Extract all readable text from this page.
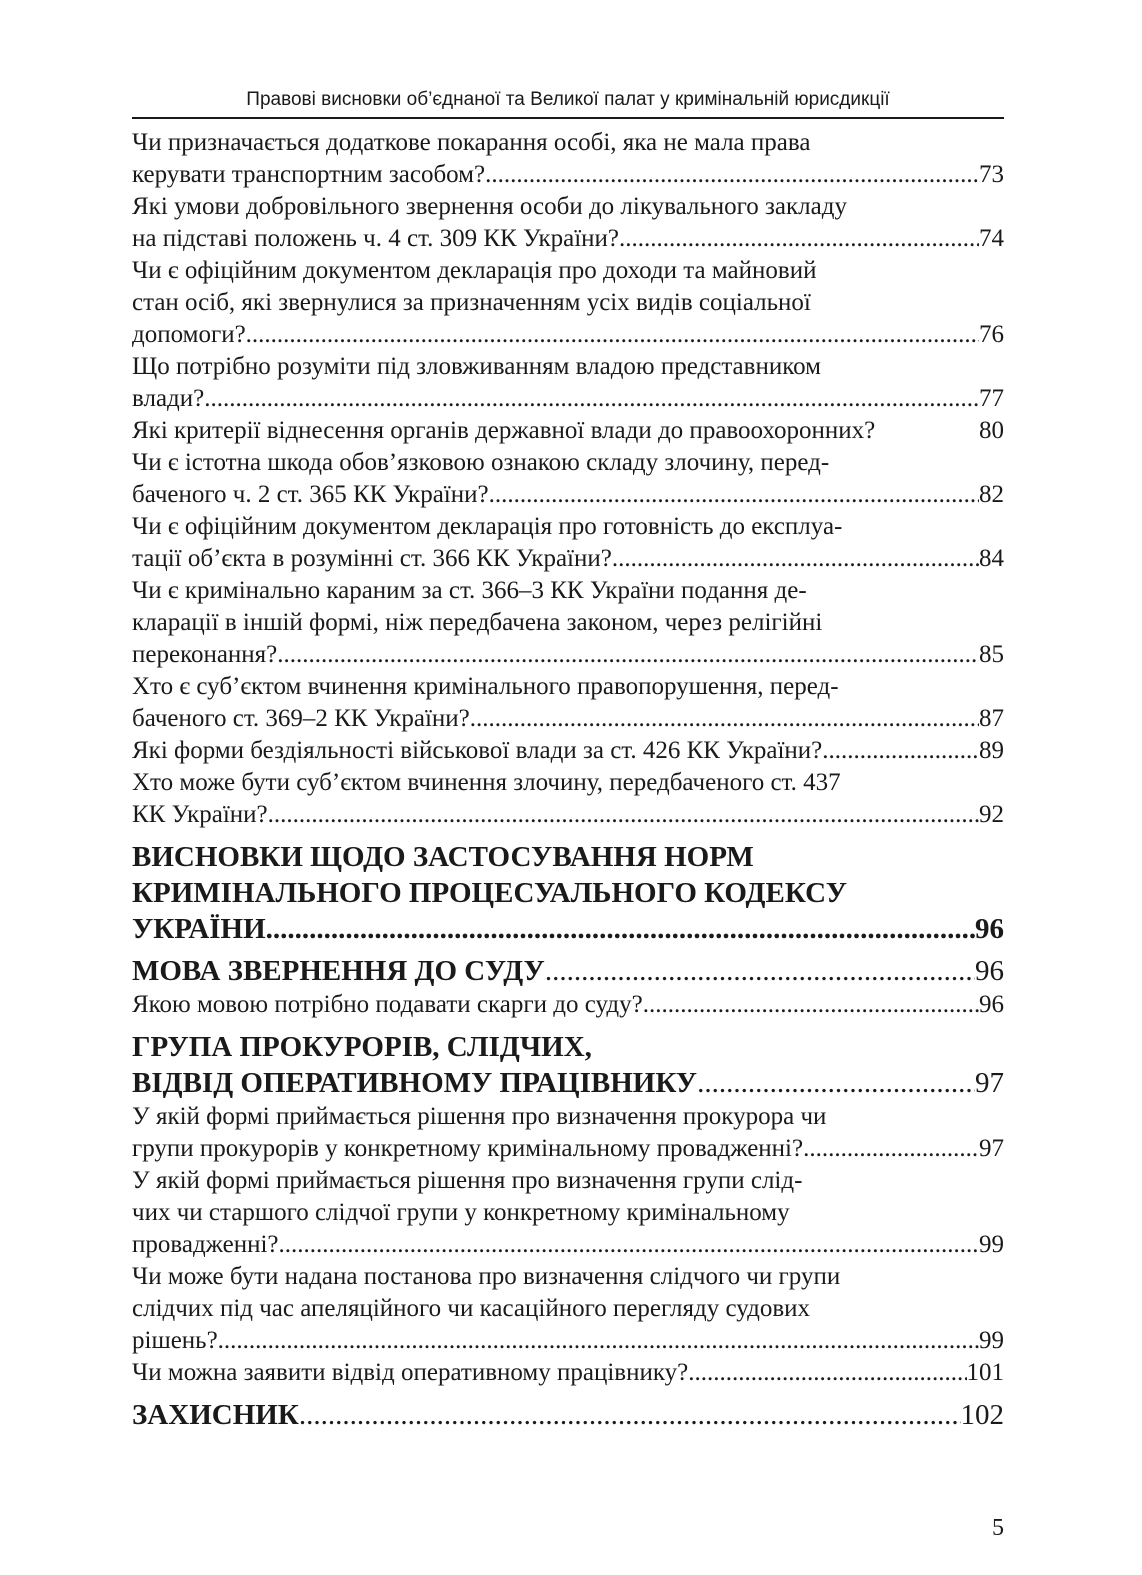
Правові висновки об’єднаної та Великої палат у кримінальній юрисдикції
Чи призначається додаткове покарання особі, яка не мала права
керувати транспортним засобом? .....	73
Які умови добровільного звернення особи до лікувального закладу
на підставі положень ч. 4 ст. 309 КК України? .....	74
Чи є офіційним документом декларація про доходи та майновий
стан осіб, які звернулися за призначенням усіх видів соціальної
допомоги? .....	76
Що потрібно розуміти під зловживанням владою представником
влади? .....	77
Які критерії віднесення органів державної влади до правоохоронних?	80
Чи є істотна шкода обов’язковою ознакою складу злочину, перед-
баченого ч. 2 ст. 365 КК України? .....	82
Чи є офіційним документом декларація про готовність до експлуа-
тації об’єкта в розумінні ст. 366 КК України? .....	84
Чи є кримінально караним за ст. 366–3 КК України подання де-
кларації в іншій формі, ніж передбачена законом, через релігійні
переконання? .....	85
Хто є суб’єктом вчинення кримінального правопорушення, перед-
баченого ст. 369–2 КК України? .....	87
Які форми бездіяльності військової влади за ст. 426 КК України? .....	89
Хто може бути суб’єктом вчинення злочину, передбаченого ст. 437
КК України? .....	92
ВИСНОВКИ ЩОДО ЗАСТОСУВАННЯ НОРМ
КРИМІНАЛЬНОГО ПРОЦЕСУАЛЬНОГО КОДЕКСУ
УКРАЇНИ .....	96
МОВА ЗВЕРНЕННЯ ДО СУДУ .....	96
Якою мовою потрібно подавати скарги до суду? .....	96
ГРУПА ПРОКУРОРІВ, СЛІДЧИХ,
ВІДВІД ОПЕРАТИВНОМУ ПРАЦІВНИКУ .....	97
У якій формі приймається рішення про визначення прокурора чи
групи прокурорів у конкретному кримінальному провадженні? .....	97
У якій формі приймається рішення про визначення групи слід-
чих чи старшого слідчої групи у конкретному кримінальному
провадженні? .....	99
Чи може бути надана постанова про визначення слідчого чи групи
слідчих під час апеляційного чи касаційного перегляду судових
рішень? .....	99
Чи можна заявити відвід оперативному працівнику? .....	101
ЗАХИСНИК .....	102
5
